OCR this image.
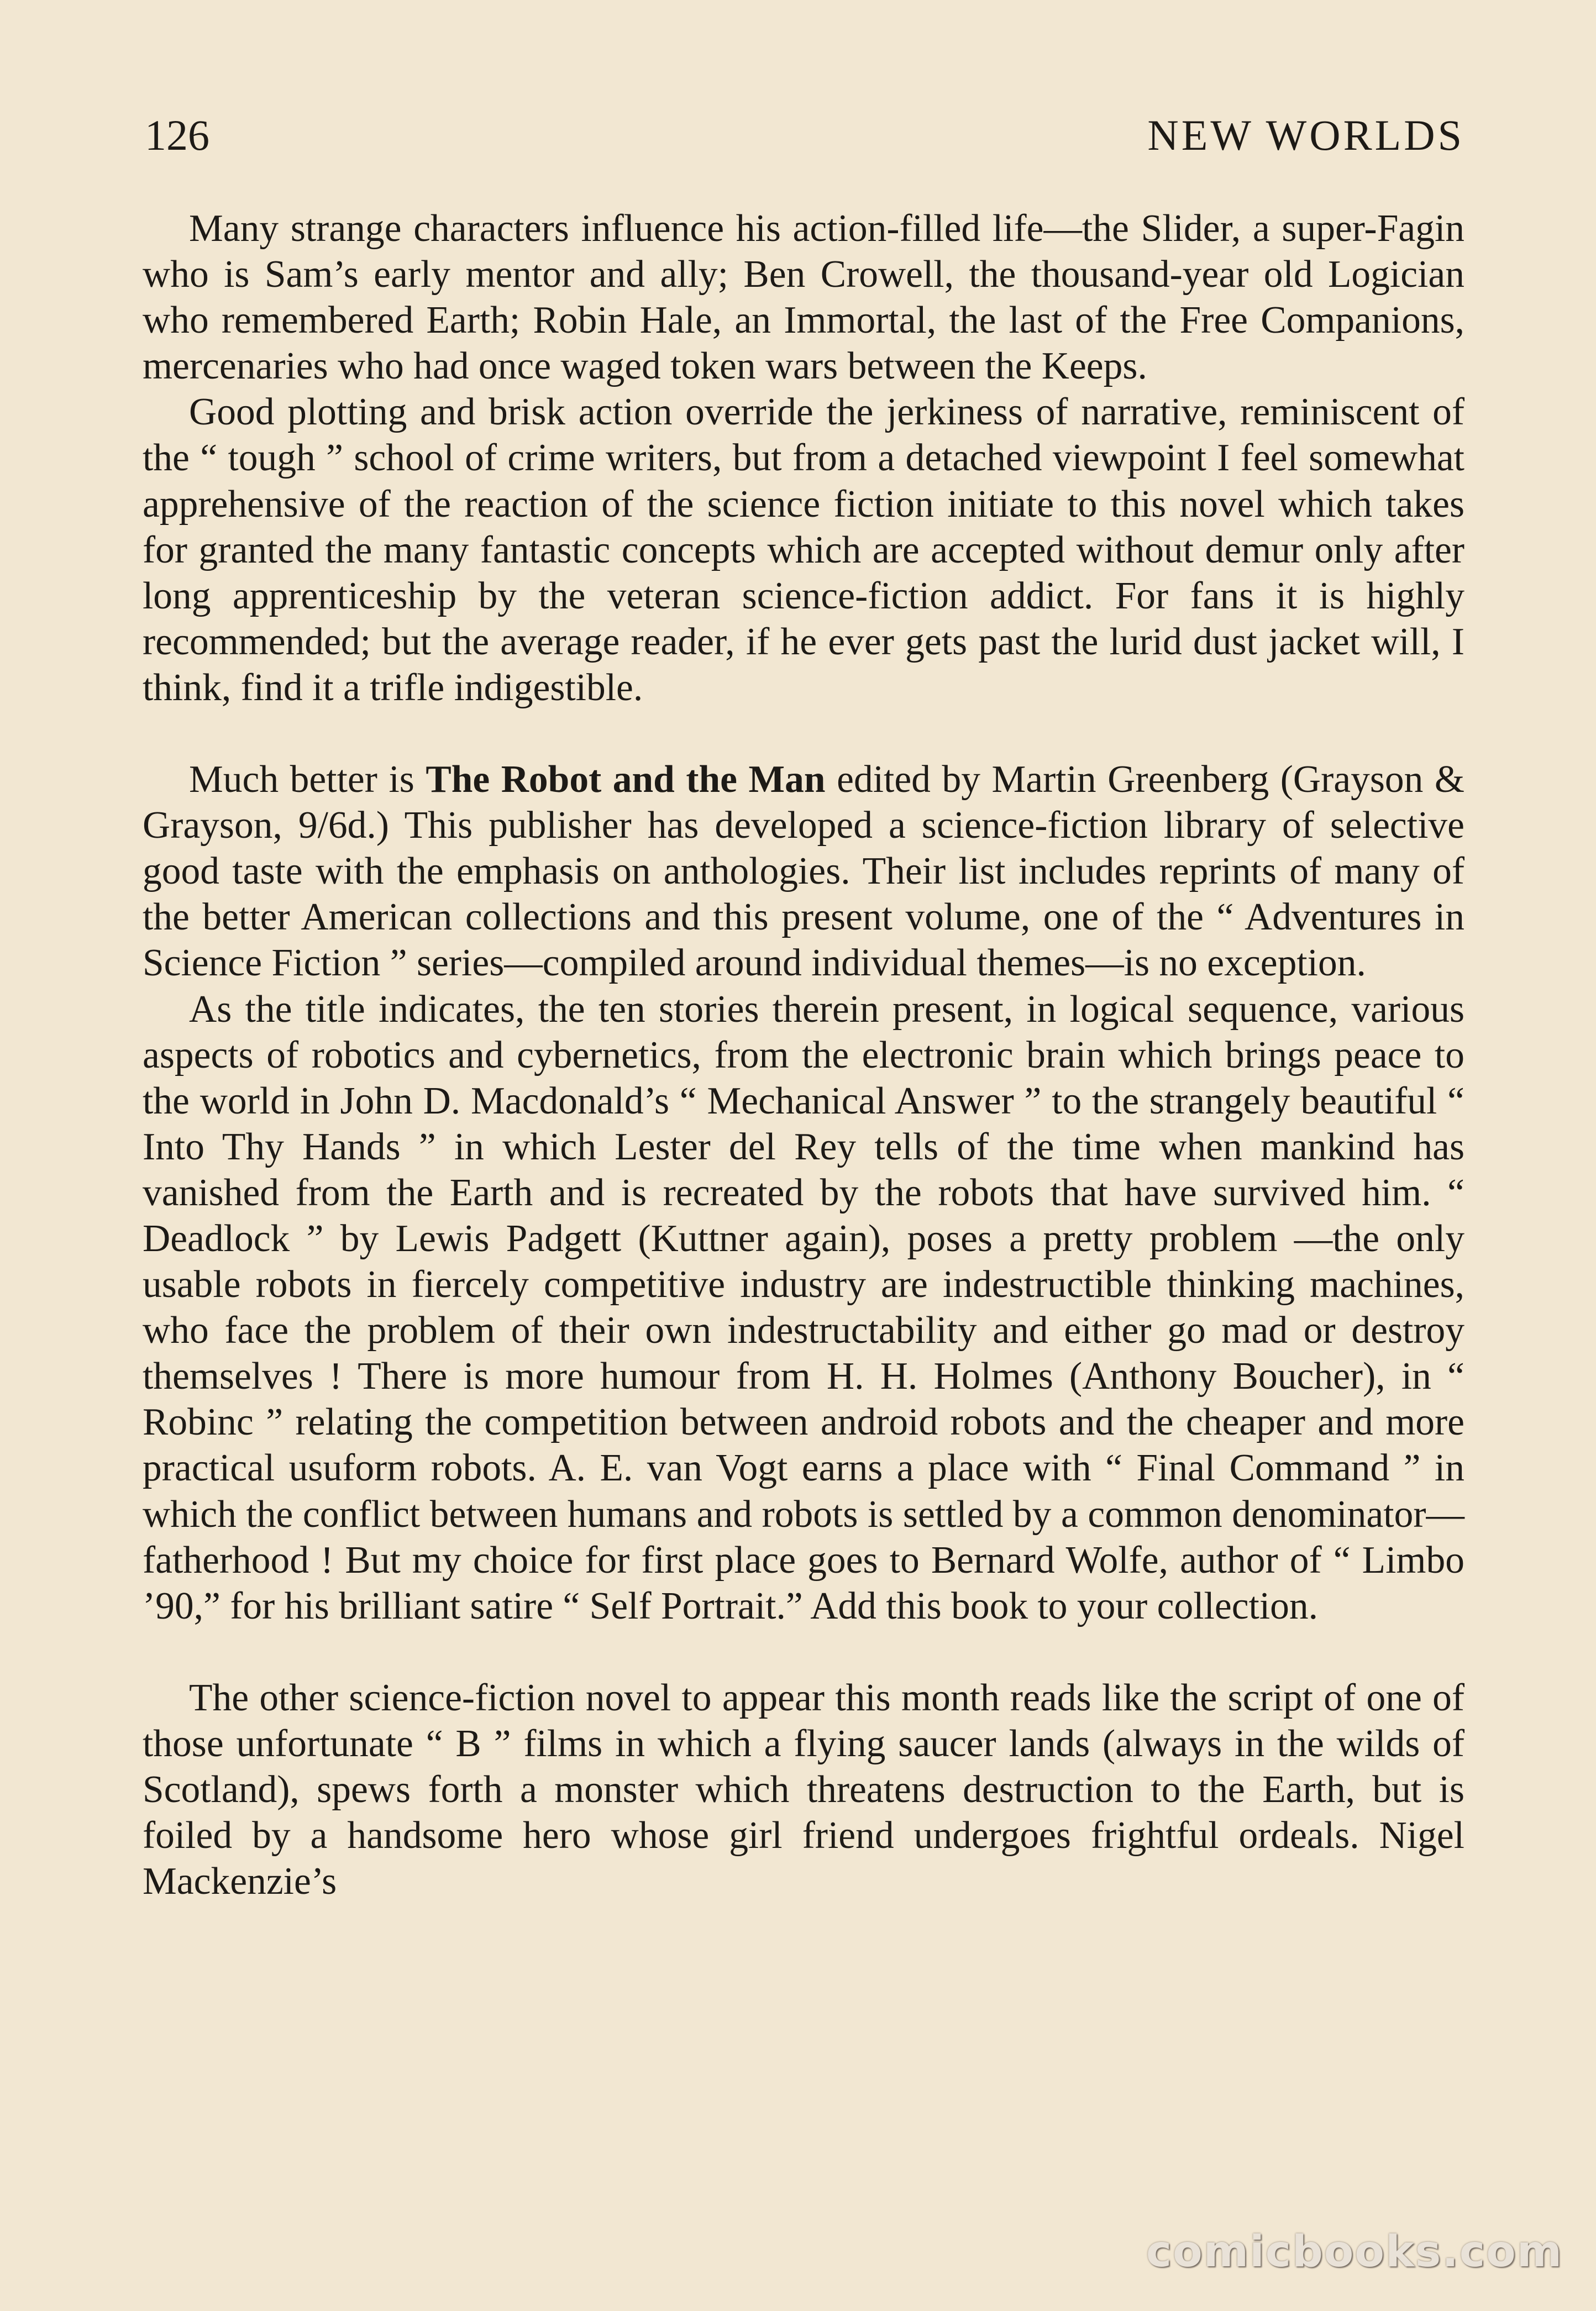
126	NEW WORLDS

Many strange characters influence his action-filled life—the Slider, a super-Fagin who is Sam’s early mentor and ally; Ben Crowell, the thousand-year old Logician who remembered Earth; Robin Hale, an Immortal, the last of the Free Companions, mercenaries who had once waged token wars between the Keeps.

Good plotting and brisk action override the jerkiness of narrative, reminiscent of the “ tough ” school of crime writers, but from a detached viewpoint I feel somewhat apprehensive of the reaction of the science fiction initiate to this novel which takes for granted the many fantastic concepts which are accepted without demur only after long apprenticeship by the veteran science-fiction addict. For fans it is highly recommended; but the average reader, if he ever gets past the lurid dust jacket will, I think, find it a trifle indigestible.

Much better is The Robot and the Man edited by Martin Greenberg (Grayson & Grayson, 9/6d.) This publisher has developed a science-fiction library of selective good taste with the emphasis on anthologies. Their list includes reprints of many of the better American collections and this present volume, one of the “ Adventures in Science Fiction ” series—compiled around individual themes—is no exception.

As the title indicates, the ten stories therein present, in logical sequence, various aspects of robotics and cybernetics, from the electronic brain which brings peace to the world in John D. Macdonald’s “ Mechanical Answer ” to the strangely beautiful “ Into Thy Hands ” in which Lester del Rey tells of the time when mankind has vanished from the Earth and is recreated by the robots that have survived him. “ Deadlock ” by Lewis Padgett (Kuttner again), poses a pretty problem —the only usable robots in fiercely competitive industry are indestructible thinking machines, who face the problem of their own indestructability and either go mad or destroy themselves ! There is more humour from H. H. Holmes (Anthony Boucher), in “ Robinc ” relating the competition between android robots and the cheaper and more practical usuform robots. A. E. van Vogt earns a place with “ Final Command ” in which the conflict between humans and robots is settled by a common denominator—fatherhood ! But my choice for first place goes to Bernard Wolfe, author of “ Limbo ’90,” for his brilliant satire “ Self Portrait.” Add this book to your collection.

The other science-fiction novel to appear this month reads like the script of one of those unfortunate “ B ” films in which a flying saucer lands (always in the wilds of Scotland), spews forth a monster which threatens destruction to the Earth, but is foiled by a handsome hero whose girl friend undergoes frightful ordeals. Nigel Mackenzie’s

comicbooks.com
